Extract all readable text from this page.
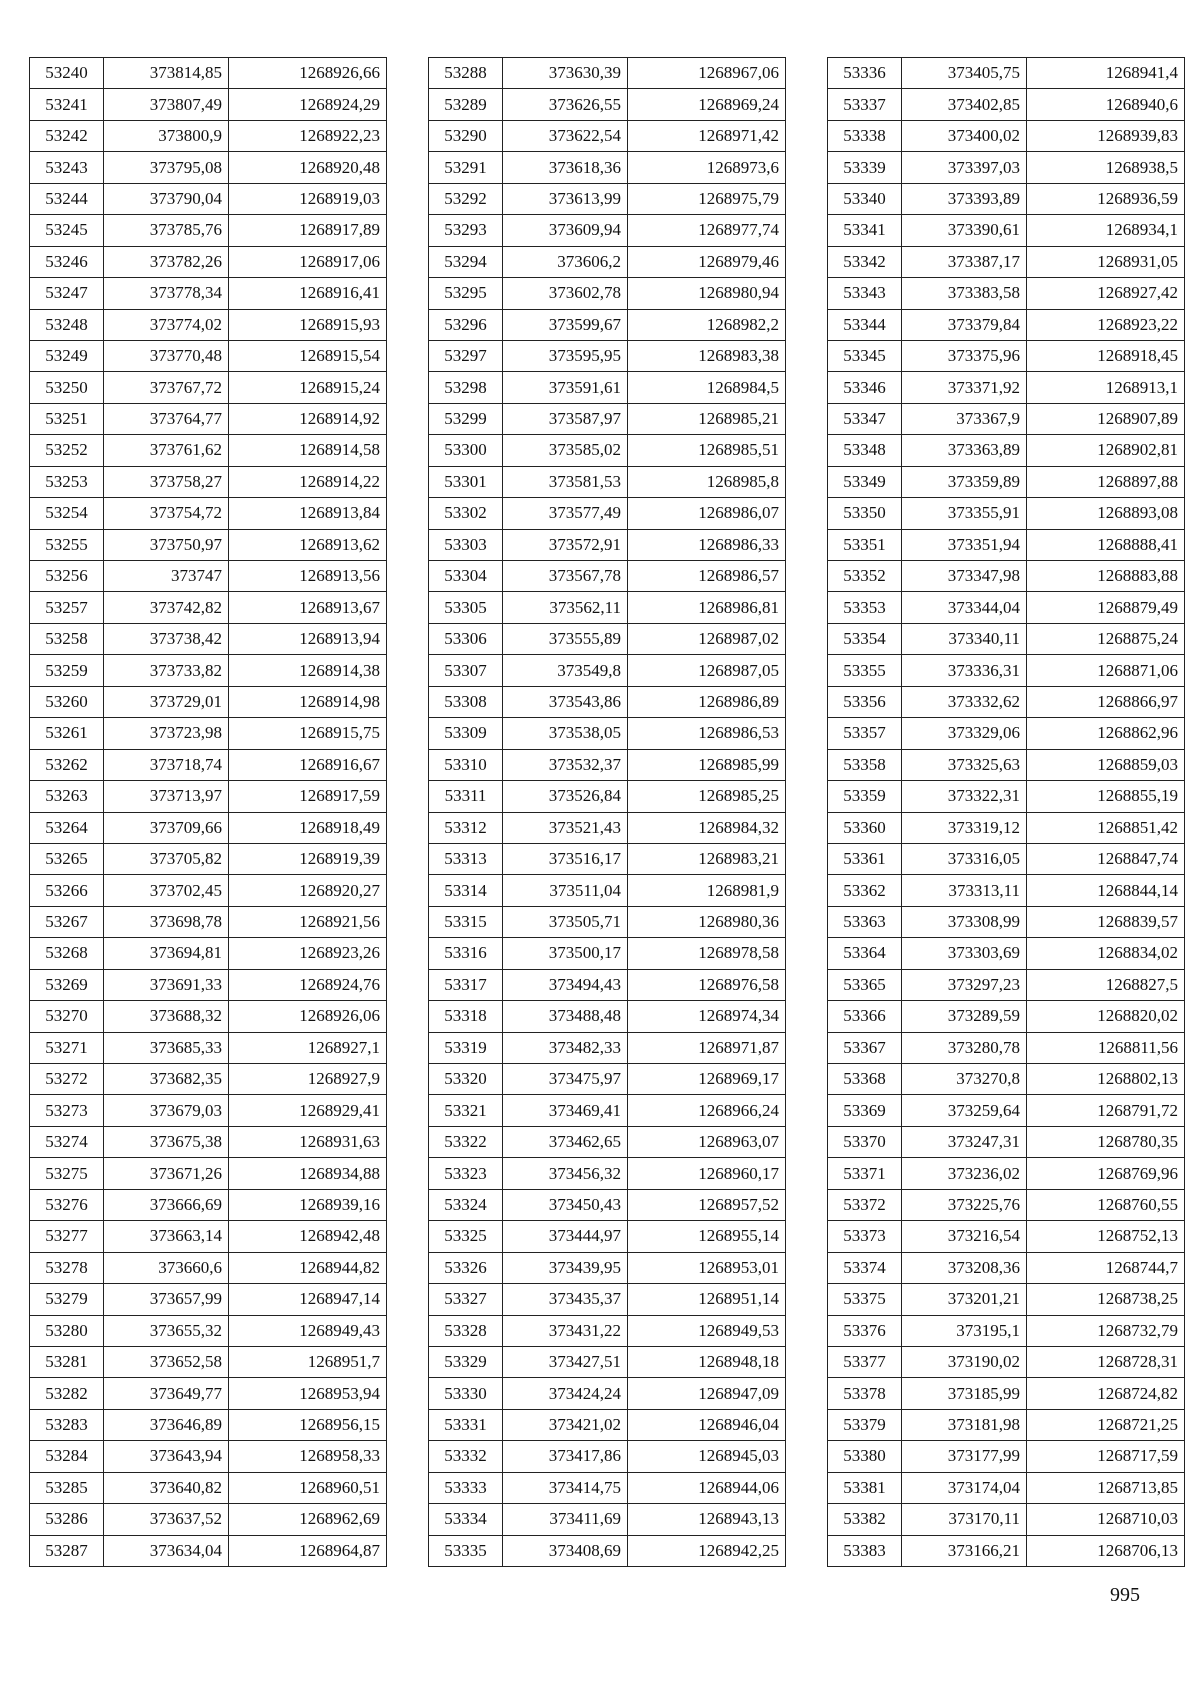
53240	373814,85	1268926,66
53241	373807,49	1268924,29
53242	373800,9	1268922,23
53243	373795,08	1268920,48
53244	373790,04	1268919,03
53245	373785,76	1268917,89
53246	373782,26	1268917,06
53247	373778,34	1268916,41
53248	373774,02	1268915,93
53249	373770,48	1268915,54
53250	373767,72	1268915,24
53251	373764,77	1268914,92
53252	373761,62	1268914,58
53253	373758,27	1268914,22
53254	373754,72	1268913,84
53255	373750,97	1268913,62
53256	373747	1268913,56
53257	373742,82	1268913,67
53258	373738,42	1268913,94
53259	373733,82	1268914,38
53260	373729,01	1268914,98
53261	373723,98	1268915,75
53262	373718,74	1268916,67
53263	373713,97	1268917,59
53264	373709,66	1268918,49
53265	373705,82	1268919,39
53266	373702,45	1268920,27
53267	373698,78	1268921,56
53268	373694,81	1268923,26
53269	373691,33	1268924,76
53270	373688,32	1268926,06
53271	373685,33	1268927,1
53272	373682,35	1268927,9
53273	373679,03	1268929,41
53274	373675,38	1268931,63
53275	373671,26	1268934,88
53276	373666,69	1268939,16
53277	373663,14	1268942,48
53278	373660,6	1268944,82
53279	373657,99	1268947,14
53280	373655,32	1268949,43
53281	373652,58	1268951,7
53282	373649,77	1268953,94
53283	373646,89	1268956,15
53284	373643,94	1268958,33
53285	373640,82	1268960,51
53286	373637,52	1268962,69
53287	373634,04	1268964,87
53288	373630,39	1268967,06
53289	373626,55	1268969,24
53290	373622,54	1268971,42
53291	373618,36	1268973,6
53292	373613,99	1268975,79
53293	373609,94	1268977,74
53294	373606,2	1268979,46
53295	373602,78	1268980,94
53296	373599,67	1268982,2
53297	373595,95	1268983,38
53298	373591,61	1268984,5
53299	373587,97	1268985,21
53300	373585,02	1268985,51
53301	373581,53	1268985,8
53302	373577,49	1268986,07
53303	373572,91	1268986,33
53304	373567,78	1268986,57
53305	373562,11	1268986,81
53306	373555,89	1268987,02
53307	373549,8	1268987,05
53308	373543,86	1268986,89
53309	373538,05	1268986,53
53310	373532,37	1268985,99
53311	373526,84	1268985,25
53312	373521,43	1268984,32
53313	373516,17	1268983,21
53314	373511,04	1268981,9
53315	373505,71	1268980,36
53316	373500,17	1268978,58
53317	373494,43	1268976,58
53318	373488,48	1268974,34
53319	373482,33	1268971,87
53320	373475,97	1268969,17
53321	373469,41	1268966,24
53322	373462,65	1268963,07
53323	373456,32	1268960,17
53324	373450,43	1268957,52
53325	373444,97	1268955,14
53326	373439,95	1268953,01
53327	373435,37	1268951,14
53328	373431,22	1268949,53
53329	373427,51	1268948,18
53330	373424,24	1268947,09
53331	373421,02	1268946,04
53332	373417,86	1268945,03
53333	373414,75	1268944,06
53334	373411,69	1268943,13
53335	373408,69	1268942,25
53336	373405,75	1268941,4
53337	373402,85	1268940,6
53338	373400,02	1268939,83
53339	373397,03	1268938,5
53340	373393,89	1268936,59
53341	373390,61	1268934,1
53342	373387,17	1268931,05
53343	373383,58	1268927,42
53344	373379,84	1268923,22
53345	373375,96	1268918,45
53346	373371,92	1268913,1
53347	373367,9	1268907,89
53348	373363,89	1268902,81
53349	373359,89	1268897,88
53350	373355,91	1268893,08
53351	373351,94	1268888,41
53352	373347,98	1268883,88
53353	373344,04	1268879,49
53354	373340,11	1268875,24
53355	373336,31	1268871,06
53356	373332,62	1268866,97
53357	373329,06	1268862,96
53358	373325,63	1268859,03
53359	373322,31	1268855,19
53360	373319,12	1268851,42
53361	373316,05	1268847,74
53362	373313,11	1268844,14
53363	373308,99	1268839,57
53364	373303,69	1268834,02
53365	373297,23	1268827,5
53366	373289,59	1268820,02
53367	373280,78	1268811,56
53368	373270,8	1268802,13
53369	373259,64	1268791,72
53370	373247,31	1268780,35
53371	373236,02	1268769,96
53372	373225,76	1268760,55
53373	373216,54	1268752,13
53374	373208,36	1268744,7
53375	373201,21	1268738,25
53376	373195,1	1268732,79
53377	373190,02	1268728,31
53378	373185,99	1268724,82
53379	373181,98	1268721,25
53380	373177,99	1268717,59
53381	373174,04	1268713,85
53382	373170,11	1268710,03
53383	373166,21	1268706,13
995
